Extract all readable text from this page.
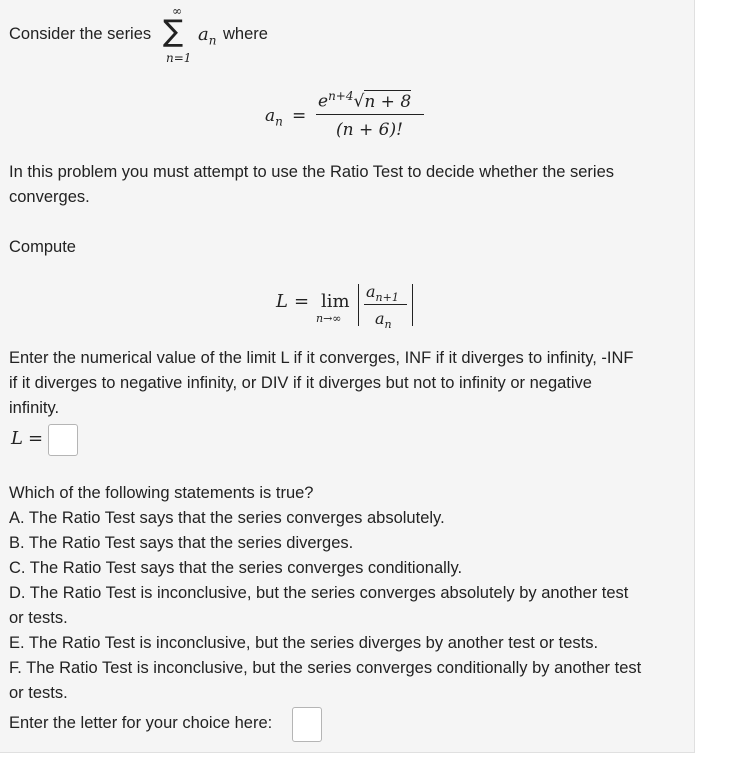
Consider the series
∞
∑
n=1
$a_n$ where
$a_n$ =
$e^{n+4}√n + 8$
(n + 6)!
In this problem you must attempt to use the Ratio Test to decide whether the series
converges.
Compute
L = lim
n→∞
$a_{n+1}$
$a_n$
Enter the numerical value of the limit L if it converges, INF if it diverges to infinity, -INF
if it diverges to negative infinity, or DIV if it diverges but not to infinity or negative
infinity.
L =
Which of the following statements is true?
A. The Ratio Test says that the series converges absolutely.
B. The Ratio Test says that the series diverges.
C. The Ratio Test says that the series converges conditionally.
D. The Ratio Test is inconclusive, but the series converges absolutely by another test
or tests.
E. The Ratio Test is inconclusive, but the series diverges by another test or tests.
F. The Ratio Test is inconclusive, but the series converges conditionally by another test
or tests.
Enter the letter for your choice here:
